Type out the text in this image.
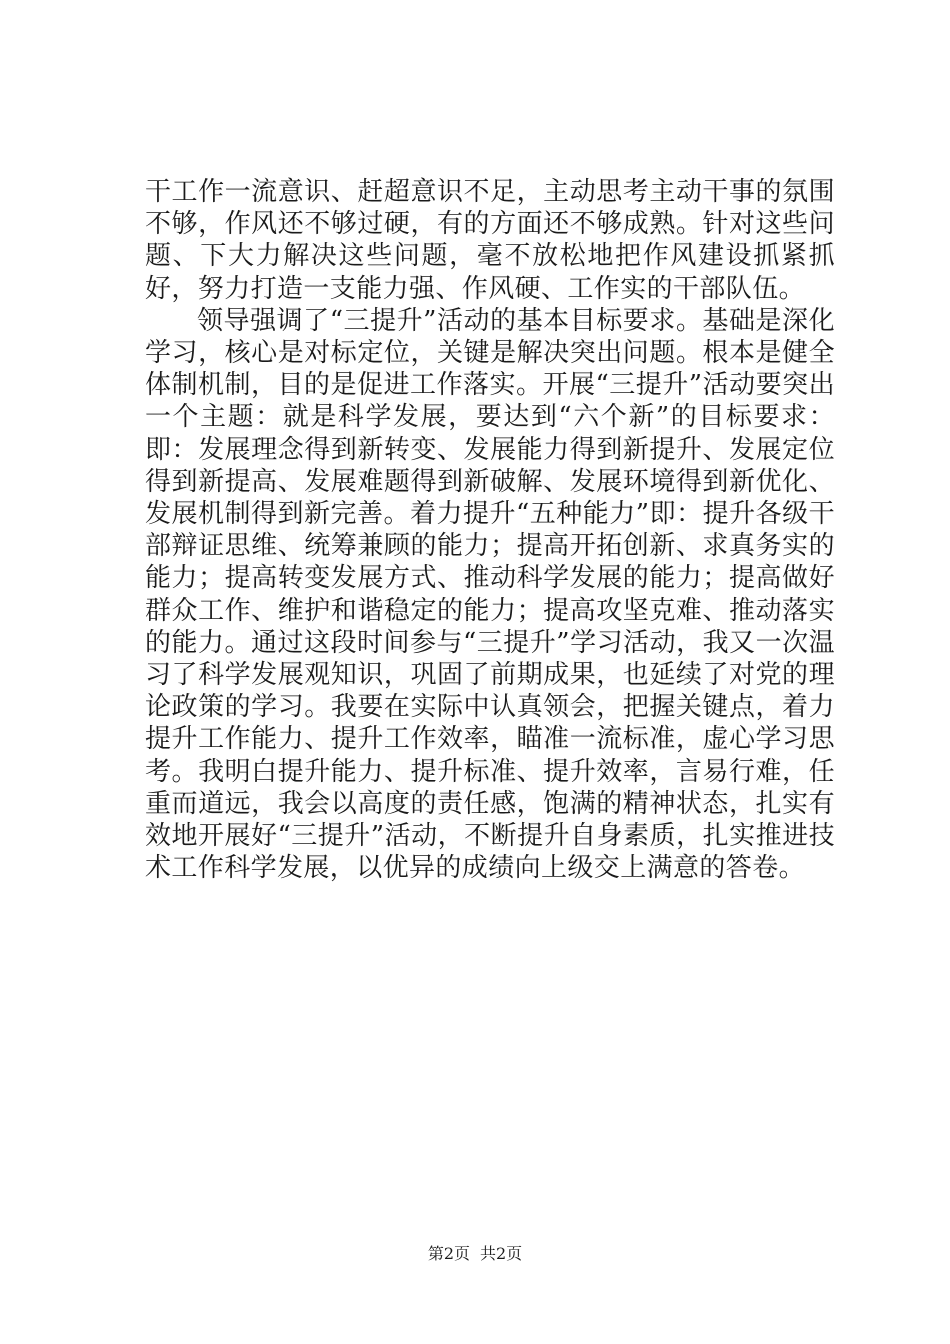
干工作一流意识、赶超意识不足，主动思考主动干事的氛围不够，作风还不够过硬，有的方面还不够成熟。针对这些问题、下大力解决这些问题，毫不放松地把作风建设抓紧抓好，努力打造一支能力强、作风硬、工作实的干部队伍。

领导强调了“三提升”活动的基本目标要求。基础是深化学习，核心是对标定位，关键是解决突出问题。根本是健全体制机制，目的是促进工作落实。开展“三提升”活动要突出一个主题：就是科学发展，要达到“六个新”的目标要求：即：发展理念得到新转变、发展能力得到新提升、发展定位得到新提高、发展难题得到新破解、发展环境得到新优化、发展机制得到新完善。着力提升“五种能力”即：提升各级干部辩证思维、统筹兼顾的能力；提高开拓创新、求真务实的能力；提高转变发展方式、推动科学发展的能力；提高做好群众工作、维护和谐稳定的能力；提高攻坚克难、推动落实的能力。通过这段时间参与“三提升”学习活动，我又一次温习了科学发展观知识，巩固了前期成果，也延续了对党的理论政策的学习。我要在实际中认真领会，把握关键点，着力提升工作能力、提升工作效率，瞄准一流标准，虚心学习思考。我明白提升能力、提升标准、提升效率，言易行难，任重而道远，我会以高度的责任感，饱满的精神状态，扎实有效地开展好“三提升”活动，不断提升自身素质，扎实推进技术工作科学发展，以优异的成绩向上级交上满意的答卷。

第2页 共2页
